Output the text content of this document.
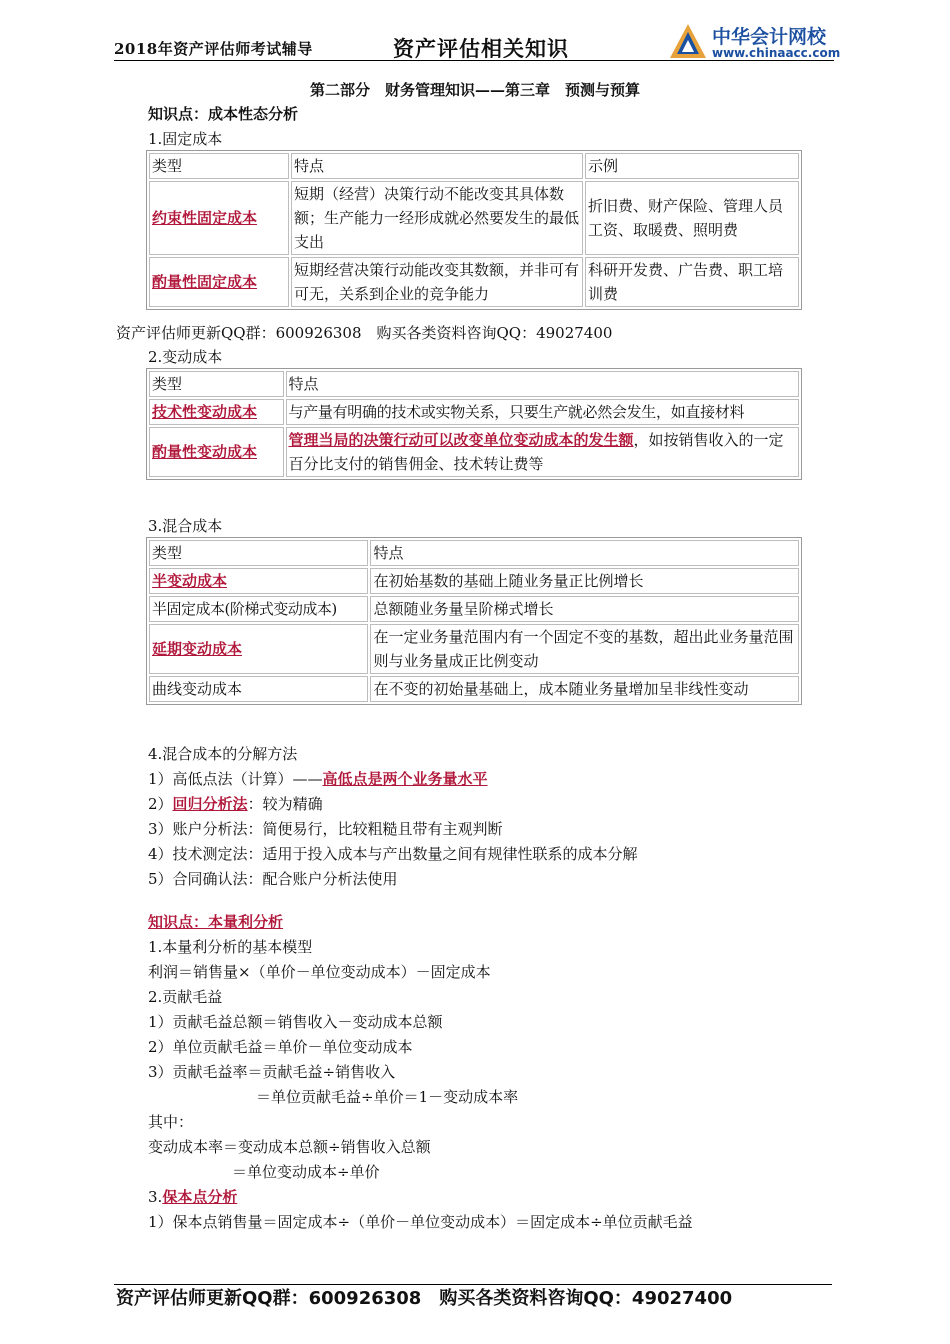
2018年资产评估师考试辅导	资产评估相关知识	中华会计网校
www.chinaacc.com
第二部分　财务管理知识——第三章　预测与预算
知识点：成本性态分析
1.固定成本
类型	特点	示例
约束性固定成本	短期（经营）决策行动不能改变其具体数额；生产能力一经形成就必然要发生的最低支出	折旧费、财产保险、管理人员工资、取暖费、照明费
酌量性固定成本	短期经营决策行动能改变其数额，并非可有可无，关系到企业的竞争能力	科研开发费、广告费、职工培训费
资产评估师更新QQ群：600926308　购买各类资料咨询QQ：49027400
2.变动成本
类型	特点
技术性变动成本	与产量有明确的技术或实物关系，只要生产就必然会发生，如直接材料
酌量性变动成本	管理当局的决策行动可以改变单位变动成本的发生额，如按销售收入的一定百分比支付的销售佣金、技术转让费等
3.混合成本
类型	特点
半变动成本	在初始基数的基础上随业务量正比例增长
半固定成本(阶梯式变动成本)	总额随业务量呈阶梯式增长
延期变动成本	在一定业务量范围内有一个固定不变的基数，超出此业务量范围则与业务量成正比例变动
曲线变动成本	在不变的初始量基础上，成本随业务量增加呈非线性变动
4.混合成本的分解方法
1）高低点法（计算）——高低点是两个业务量水平
2）回归分析法：较为精确
3）账户分析法：简便易行，比较粗糙且带有主观判断
4）技术测定法：适用于投入成本与产出数量之间有规律性联系的成本分解
5）合同确认法：配合账户分析法使用
知识点：本量利分析
1.本量利分析的基本模型
利润＝销售量×（单价－单位变动成本）－固定成本
2.贡献毛益
1）贡献毛益总额＝销售收入－变动成本总额
2）单位贡献毛益＝单价－单位变动成本
3）贡献毛益率＝贡献毛益÷销售收入
＝单位贡献毛益÷单价＝1－变动成本率
其中：
变动成本率＝变动成本总额÷销售收入总额
＝单位变动成本÷单价
3.保本点分析
1）保本点销售量＝固定成本÷（单价－单位变动成本）＝固定成本÷单位贡献毛益
资产评估师更新QQ群：600926308　购买各类资料咨询QQ：49027400
